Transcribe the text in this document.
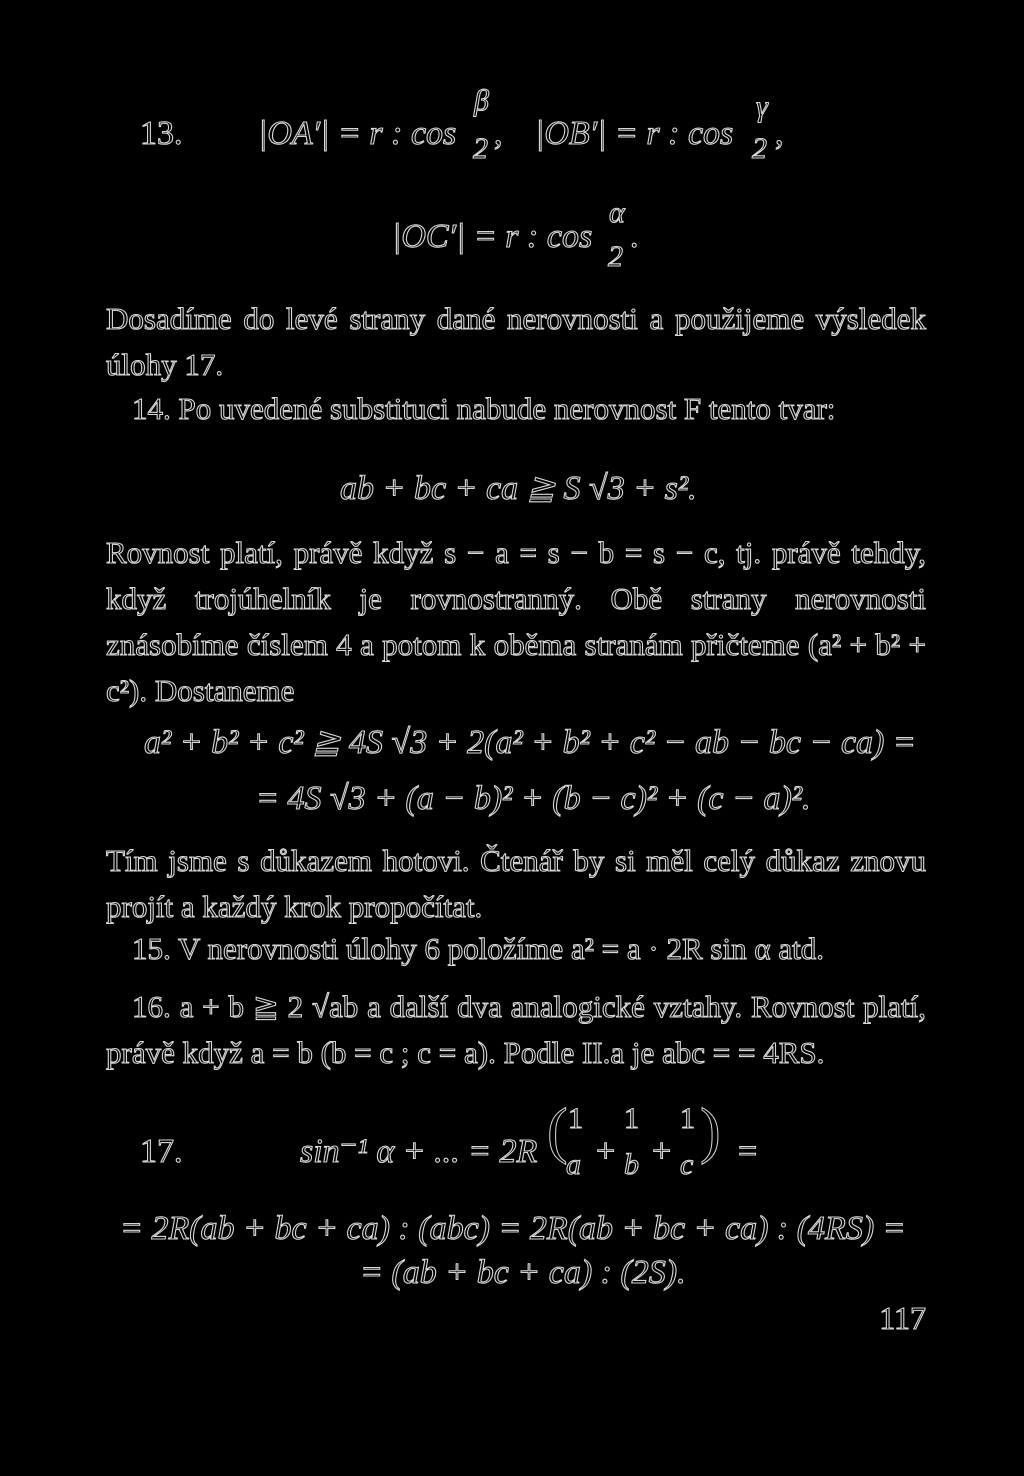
13. |OA′| = r : cos
β
2 , |OB′| = r : cos
γ
2 ,
|OC′| = r : cos
α
2
.
Dosadíme do levé strany dané nerovnosti a použijeme výsledek úlohy 17.
14. Po uvedené substituci nabude nerovnost F tento tvar:
ab + bc + ca ≧ S √3 + s².
Rovnost platí, právě když s − a = s − b = s − c, tj. právě tehdy, když trojúhelník je rovnostranný. Obě strany nerovnosti znásobíme číslem 4 a potom k oběma stranám přičteme (a² + b² + c²). Dostaneme
a² + b² + c² ≧ 4S √3 + 2(a² + b² + c² − ab − bc − ca) =
= 4S √3 + (a − b)² + (b − c)² + (c − a)².
Tím jsme s důkazem hotovi. Čtenář by si měl celý důkaz znovu projít a každý krok propočítat.
15. V nerovnosti úlohy 6 položíme a² = a · 2R sin α atd.
16. a + b ≧ 2 √ab a další dva analogické vztahy. Rovnost platí, právě když a = b (b = c ; c = a). Podle II.a je abc = = 4RS.
17.	sin⁻¹ α + ... = 2R ( 1
a +
1
b +
1
c ) =
= 2R(ab + bc + ca) : (abc) = 2R(ab + bc + ca) : (4RS) =
= (ab + bc + ca) : (2S).
117
